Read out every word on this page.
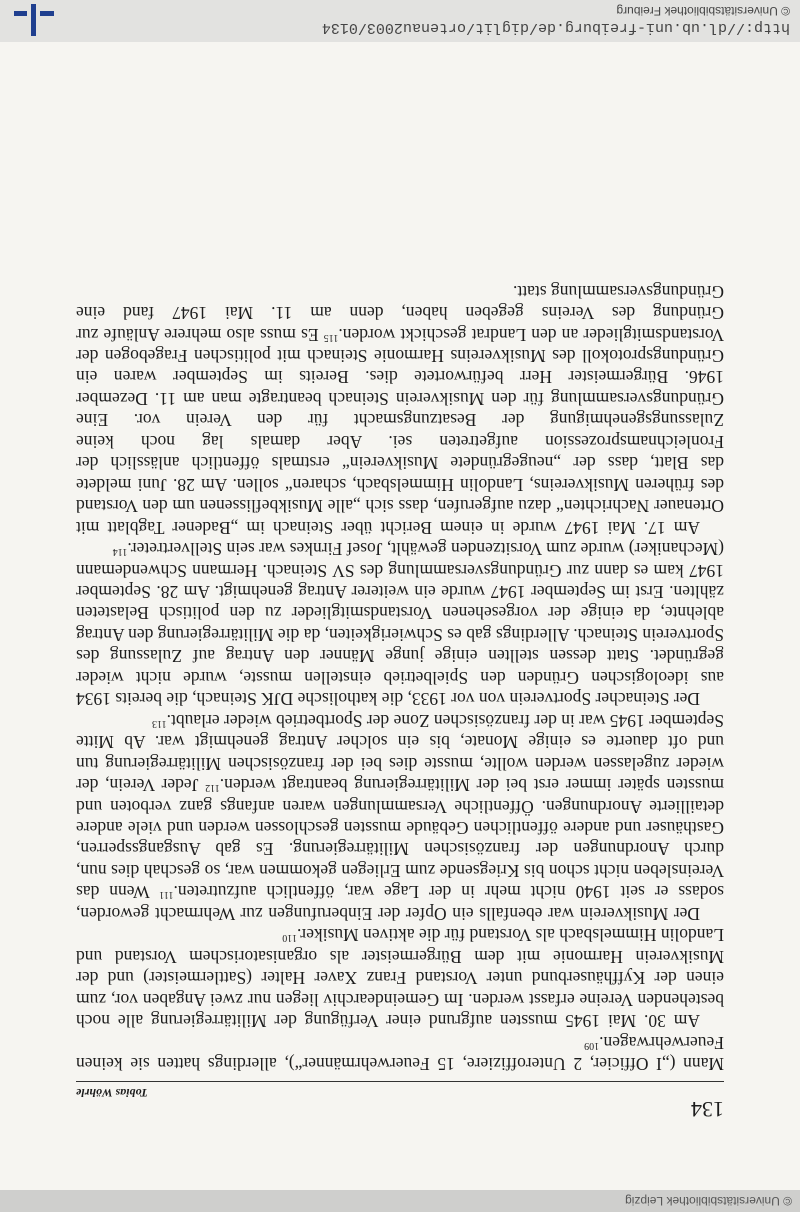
© Universitätsbibliothek Leipzig
134
Tobias Wöhrle

Mann („I Officier, 2 Unteroffiziere, 15 Feuerwehrmänner“), allerdings hatten sie keinen Feuerwehrwagen.$^{109}$

Am 30. Mai 1945 mussten aufgrund einer Verfügung der Militärregierung alle noch bestehenden Vereine erfasst werden. Im Gemeindearchiv liegen nur zwei Angaben vor, zum einen der Kyffhäuserbund unter Vorstand Franz Xaver Halter (Sattlermeister) und der Musikverein Harmonie mit dem Bürgermeister als organisatorischem Vorstand und Landolin Himmelsbach als Vorstand für die aktiven Musiker.$^{110}$

Der Musikverein war ebenfalls ein Opfer der Einberufungen zur Wehrmacht geworden, sodass er seit 1940 nicht mehr in der Lage war, öffentlich aufzutreten.$^{111}$ Wenn das Vereinsleben nicht schon bis Kriegsende zum Erliegen gekommen war, so geschah dies nun, durch Anordnungen der französischen Militärregierung. Es gab Ausgangssperren, Gasthäuser und andere öffentlichen Gebäude mussten geschlossen werden und viele andere detaillierte Anordnungen. Öffentliche Versammlungen waren anfangs ganz verboten und mussten später immer erst bei der Militärregierung beantragt werden.$^{112}$ Jeder Verein, der wieder zugelassen werden wollte, musste dies bei der französischen Militärregierung tun und oft dauerte es einige Monate, bis ein solcher Antrag genehmigt war. Ab Mitte September 1945 war in der französischen Zone der Sportbetrieb wieder erlaubt.$^{113}$

Der Steinacher Sportverein von vor 1933, die katholische DJK Steinach, die bereits 1934 aus ideologischen Gründen den Spielbetrieb einstellen musste, wurde nicht wieder gegründet. Statt dessen stellten einige junge Männer den Antrag auf Zulassung des Sportverein Steinach. Allerdings gab es Schwierigkeiten, da die Militärregierung den Antrag ablehnte, da einige der vorgesehenen Vorstandsmitglieder zu den politisch Belasteten zählten. Erst im September 1947 wurde ein weiterer Antrag genehmigt. Am 28. September 1947 kam es dann zur Gründungsversammlung des SV Steinach. Hermann Schwendemann (Mechaniker) wurde zum Vorsitzenden gewählt, Josef Firnkes war sein Stellvertreter.$^{114}$

Am 17. Mai 1947 wurde in einem Bericht über Steinach im „Badener Tagblatt mit Ortenauer Nachrichten“ dazu aufgerufen, dass sich „alle Musikbeflissenen um den Vorstand des früheren Musikvereins, Landolin Himmelsbach, scharen“ sollen. Am 28. Juni meldete das Blatt, dass der „neugegründete Musikverein“ erstmals öffentlich anlässlich der Fronleichnamsprozession aufgetreten sei. Aber damals lag noch keine Zulassungsgenehmigung der Besatzungsmacht für den Verein vor. Eine Gründungsversammlung für den Musikverein Steinach beantragte man am 11. Dezember 1946. Bürgermeister Herr befürwortete dies. Bereits im September waren ein Gründungsprotokoll des Musikvereins Harmonie Steinach mit politischen Fragebogen der Vorstandsmitglieder an den Landrat geschickt worden.$^{115}$ Es muss also mehrere Anläufe zur Gründung des Vereins gegeben haben, denn am 11. Mai 1947 fand eine Gründungsversammlung statt.

http://dl.ub.uni-freiburg.de/diglit/ortenau2003/0134
© Universitätsbibliothek Freiburg
